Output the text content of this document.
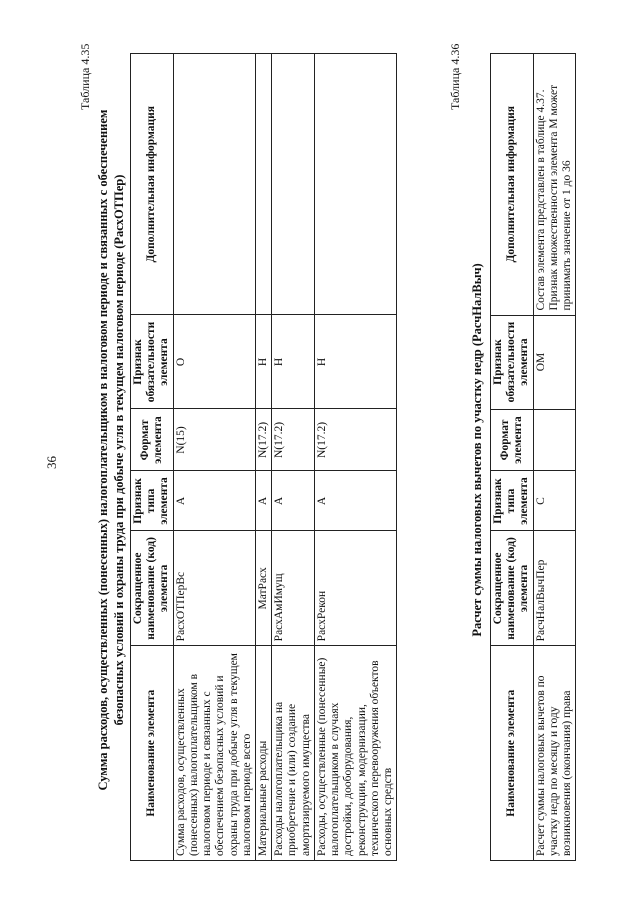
36
Таблица 4.35
Сумма расходов, осуществленных (понесенных) налогоплательщиком в налоговом периоде и связанных с обеспечением безопасных условий и охраны труда при добыче угля в текущем налоговом периоде (РасхОТПер)
Наименование элемента	Сокращенное наименование (код) элемента	Признак типа элемента	Формат элемента	Признак обязательности элемента	Дополнительная информация
Сумма расходов, осуществленных (понесенных) налогоплательщиком в налоговом периоде и связанных с обеспечением безопасных условий и охраны труда при добыче угля в текущем налоговом периоде всего	РасхОТПерВс	А	N(15)	О	
Материальные расходы	МатРасх	А	N(17.2)	Н	
Расходы налогоплательщика на приобретение и (или) создание амортизируемого имущества	РасхАмИмущ	А	N(17.2)	Н	
Расходы, осуществленные (понесенные) налогоплательщиком в случаях достройки, дооборудования, реконструкции, модернизации, технического перевооружения объектов основных средств	РасхРекон	А	N(17.2)	Н	
Таблица 4.36
Расчет суммы налоговых вычетов по участку недр (РасчНалВыч)
Наименование элемента	Сокращенное наименование (код) элемента	Признак типа элемента	Формат элемента	Признак обязательности элемента	Дополнительная информация
Расчет суммы налоговых вычетов по участку недр по месяцу и году возникновения (окончания) права	РасчНалВычПер	С		ОМ	Состав элемента представлен в таблице 4.37. Признак множественности элемента М может принимать значение от 1 до 36
